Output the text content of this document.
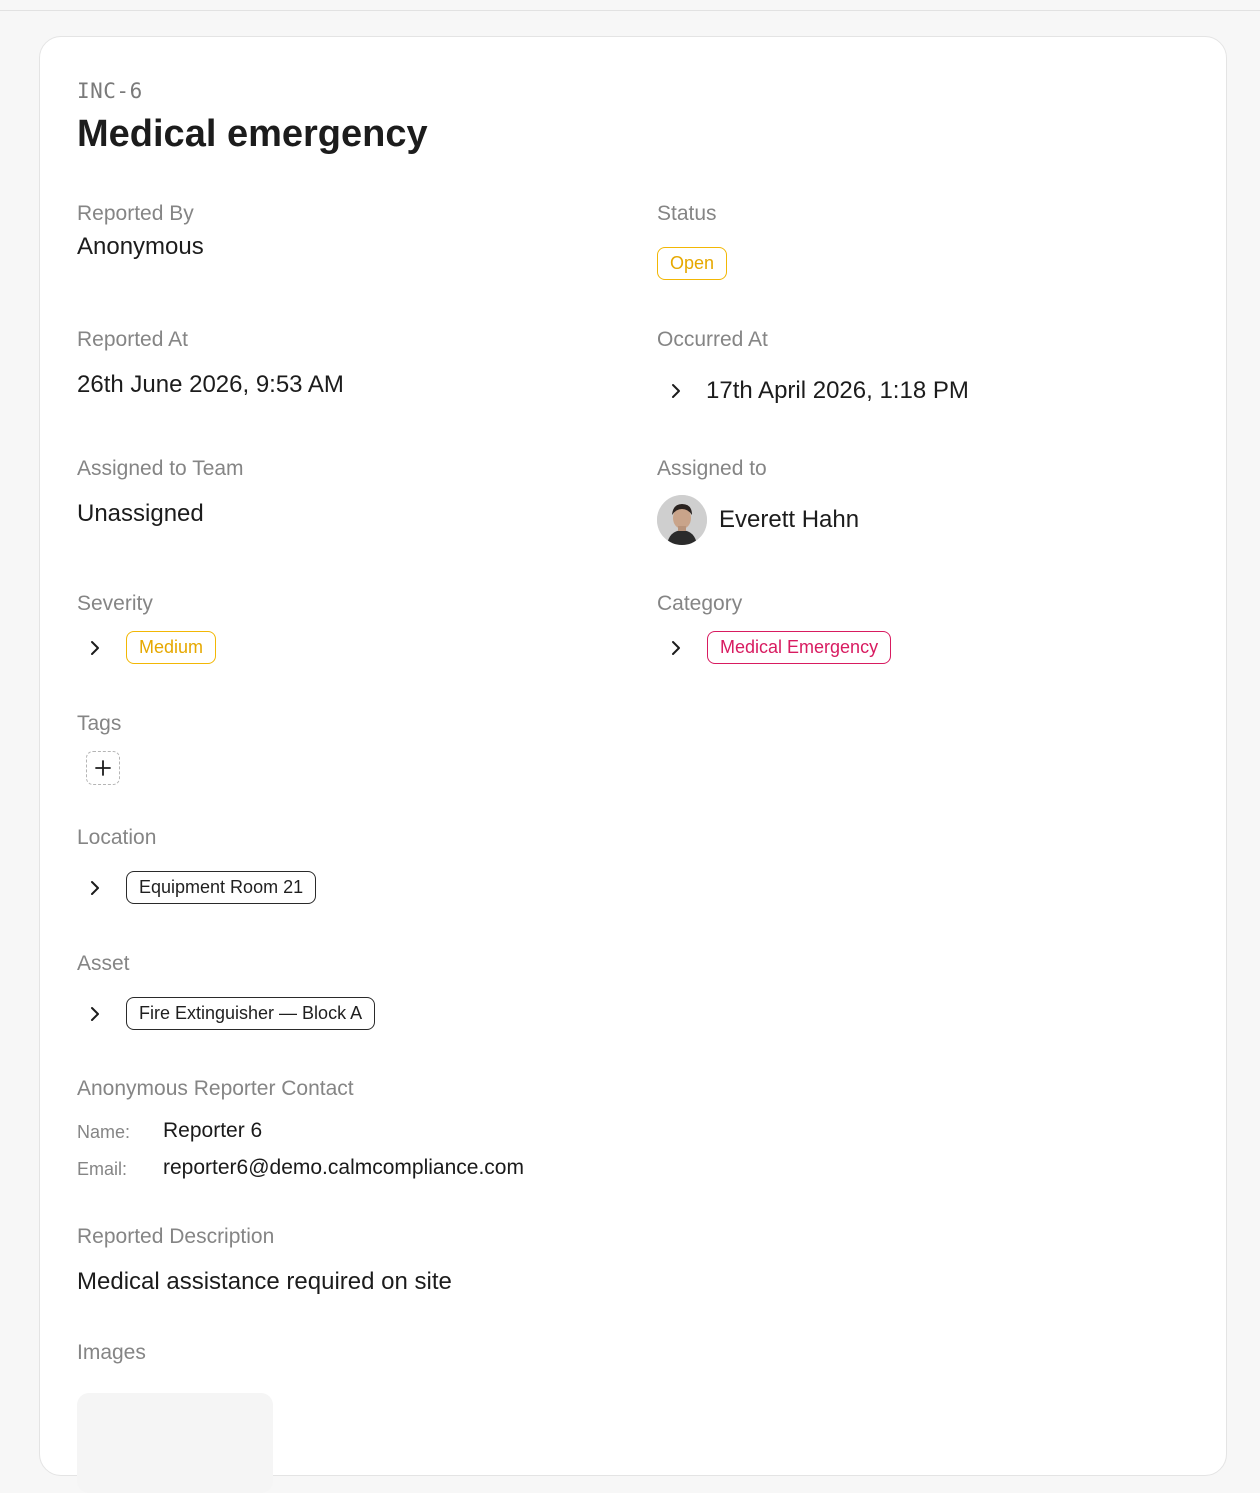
INC-6
Medical emergency
Reported By
Anonymous
Status
Open
Reported At
26th June 2026, 9:53 AM
Occurred At
17th April 2026, 1:18 PM
Assigned to Team
Unassigned
Assigned to
Everett Hahn
Severity
Medium
Category
Medical Emergency
Tags
Location
Equipment Room 21
Asset
Fire Extinguisher — Block A
Anonymous Reporter Contact
Name: Reporter 6
Email: reporter6@demo.calmcompliance.com
Reported Description
Medical assistance required on site
Images
